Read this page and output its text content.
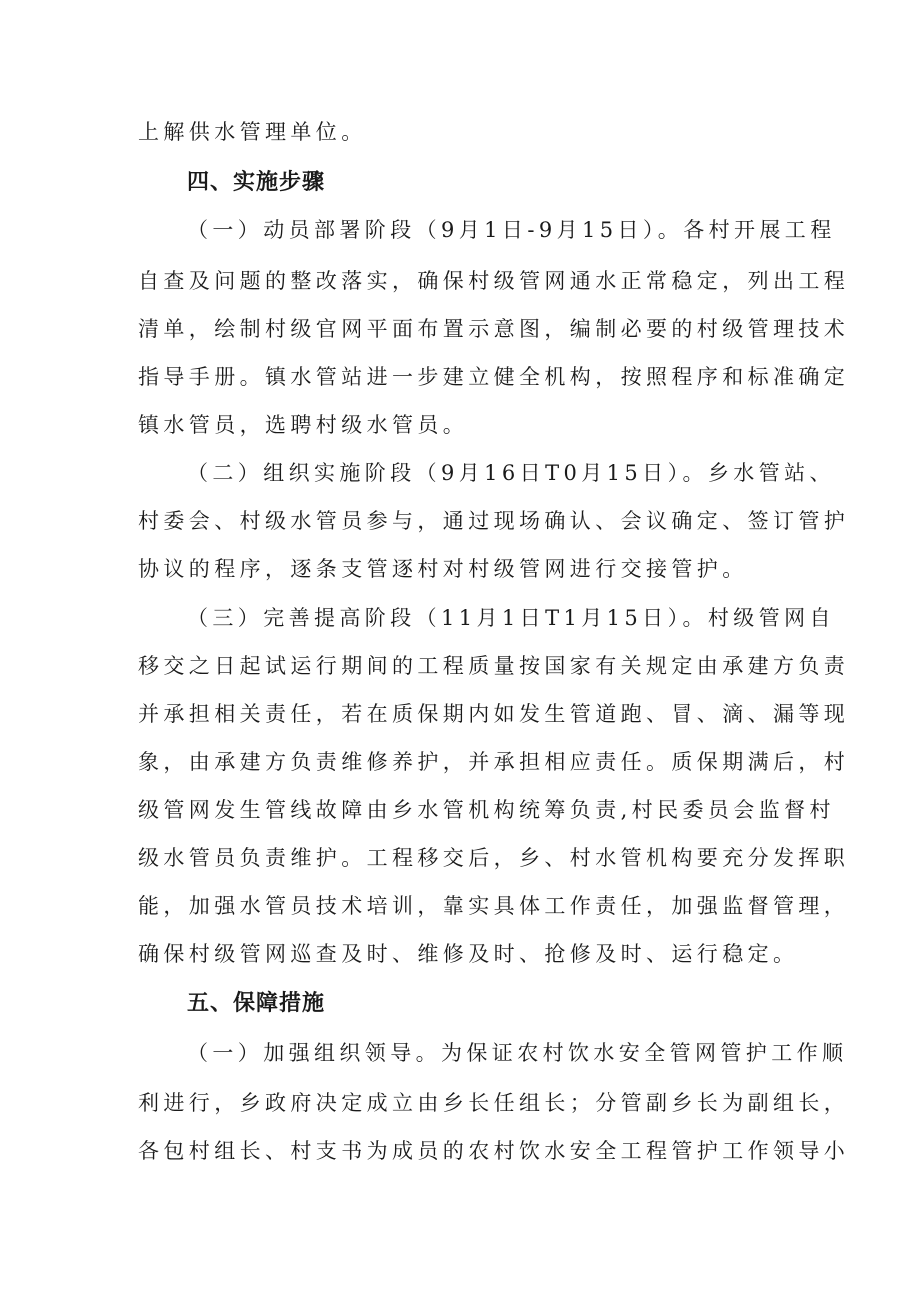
上解供水管理单位。
四、实施步骤
（一）动员部署阶段（9月1日-9月15日）。各村开展工程
自查及问题的整改落实，确保村级管网通水正常稳定，列出工程
清单，绘制村级官网平面布置示意图，编制必要的村级管理技术
指导手册。镇水管站进一步建立健全机构，按照程序和标准确定
镇水管员，选聘村级水管员。
（二）组织实施阶段（9月16日T0月15日）。乡水管站、
村委会、村级水管员参与，通过现场确认、会议确定、签订管护
协议的程序，逐条支管逐村对村级管网进行交接管护。
（三）完善提高阶段（11月1日T1月15日）。村级管网自
移交之日起试运行期间的工程质量按国家有关规定由承建方负责
并承担相关责任，若在质保期内如发生管道跑、冒、滴、漏等现
象，由承建方负责维修养护，并承担相应责任。质保期满后，村
级管网发生管线故障由乡水管机构统筹负责,村民委员会监督村
级水管员负责维护。工程移交后，乡、村水管机构要充分发挥职
能，加强水管员技术培训，靠实具体工作责任，加强监督管理，
确保村级管网巡查及时、维修及时、抢修及时、运行稳定。
五、保障措施
（一）加强组织领导。为保证农村饮水安全管网管护工作顺
利进行，乡政府决定成立由乡长任组长；分管副乡长为副组长，
各包村组长、村支书为成员的农村饮水安全工程管护工作领导小
